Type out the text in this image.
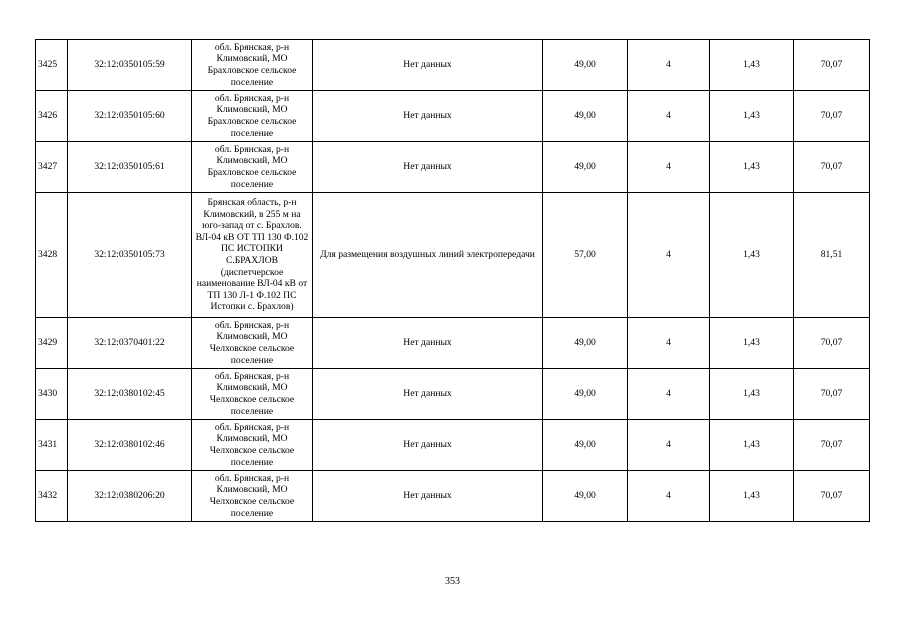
3425	32:12:0350105:59	обл. Брянская, р-н Климовский, МО Брахловское сельское поселение	Нет данных	49,00	4	1,43	70,07
3426	32:12:0350105:60	обл. Брянская, р-н Климовский, МО Брахловское сельское поселение	Нет данных	49,00	4	1,43	70,07
3427	32:12:0350105:61	обл. Брянская, р-н Климовский, МО Брахловское сельское поселение	Нет данных	49,00	4	1,43	70,07
3428	32:12:0350105:73	Брянская область, р-н Климовский, в 255 м на юго-запад от с. Брахлов. ВЛ-04 кВ ОТ ТП 130 Ф.102 ПС ИСТОПКИ С.БРАХЛОВ (диспетчерское наименование ВЛ-04 кВ от ТП 130 Л-1 Ф.102 ПС Истопки с. Брахлов)	Для размещения воздушных линий электропередачи	57,00	4	1,43	81,51
3429	32:12:0370401:22	обл. Брянская, р-н Климовский, МО Челховское сельское поселение	Нет данных	49,00	4	1,43	70,07
3430	32:12:0380102:45	обл. Брянская, р-н Климовский, МО Челховское сельское поселение	Нет данных	49,00	4	1,43	70,07
3431	32:12:0380102:46	обл. Брянская, р-н Климовский, МО Челховское сельское поселение	Нет данных	49,00	4	1,43	70,07
3432	32:12:0380206:20	обл. Брянская, р-н Климовский, МО Челховское сельское поселение	Нет данных	49,00	4	1,43	70,07
353
